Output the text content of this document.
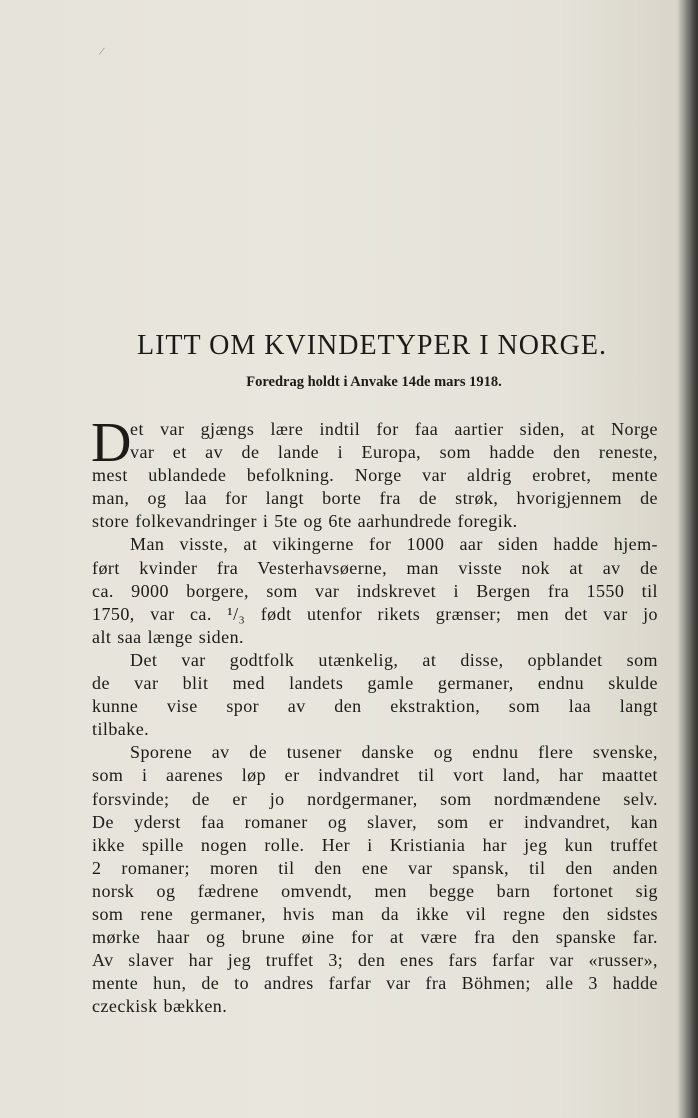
/
LITT OM KVINDETYPER I NORGE.

Foredrag holdt i Anvake 14de mars 1918.

D
et var gjængs lære indtil for faa aartier siden, at Norge
var et av de lande i Europa, som hadde den reneste,
mest ublandede befolkning. Norge var aldrig erobret, mente
man, og laa for langt borte fra de strøk, hvorigjennem de
store folkevandringer i 5te og 6te aarhundrede foregik.
Man visste, at vikingerne for 1000 aar siden hadde hjem-
ført kvinder fra Vesterhavsøerne, man visste nok at av de
ca. 9000 borgere, som var indskrevet i Bergen fra 1550 til
1750, var ca. ¹/₃ født utenfor rikets grænser; men det var jo
alt saa længe siden.
Det var godtfolk utænkelig, at disse, opblandet som
de var blit med landets gamle germaner, endnu skulde
kunne vise spor av den ekstraktion, som laa langt
tilbake.
Sporene av de tusener danske og endnu flere svenske,
som i aarenes løp er indvandret til vort land, har maattet
forsvinde; de er jo nordgermaner, som nordmændene selv.
De yderst faa romaner og slaver, som er indvandret, kan
ikke spille nogen rolle. Her i Kristiania har jeg kun truffet
2 romaner; moren til den ene var spansk, til den anden
norsk og fædrene omvendt, men begge barn fortonet sig
som rene germaner, hvis man da ikke vil regne den sidstes
mørke haar og brune øine for at være fra den spanske far.
Av slaver har jeg truffet 3; den enes fars farfar var «russer»,
mente hun, de to andres farfar var fra Böhmen; alle 3 hadde
czeckisk bækken.
